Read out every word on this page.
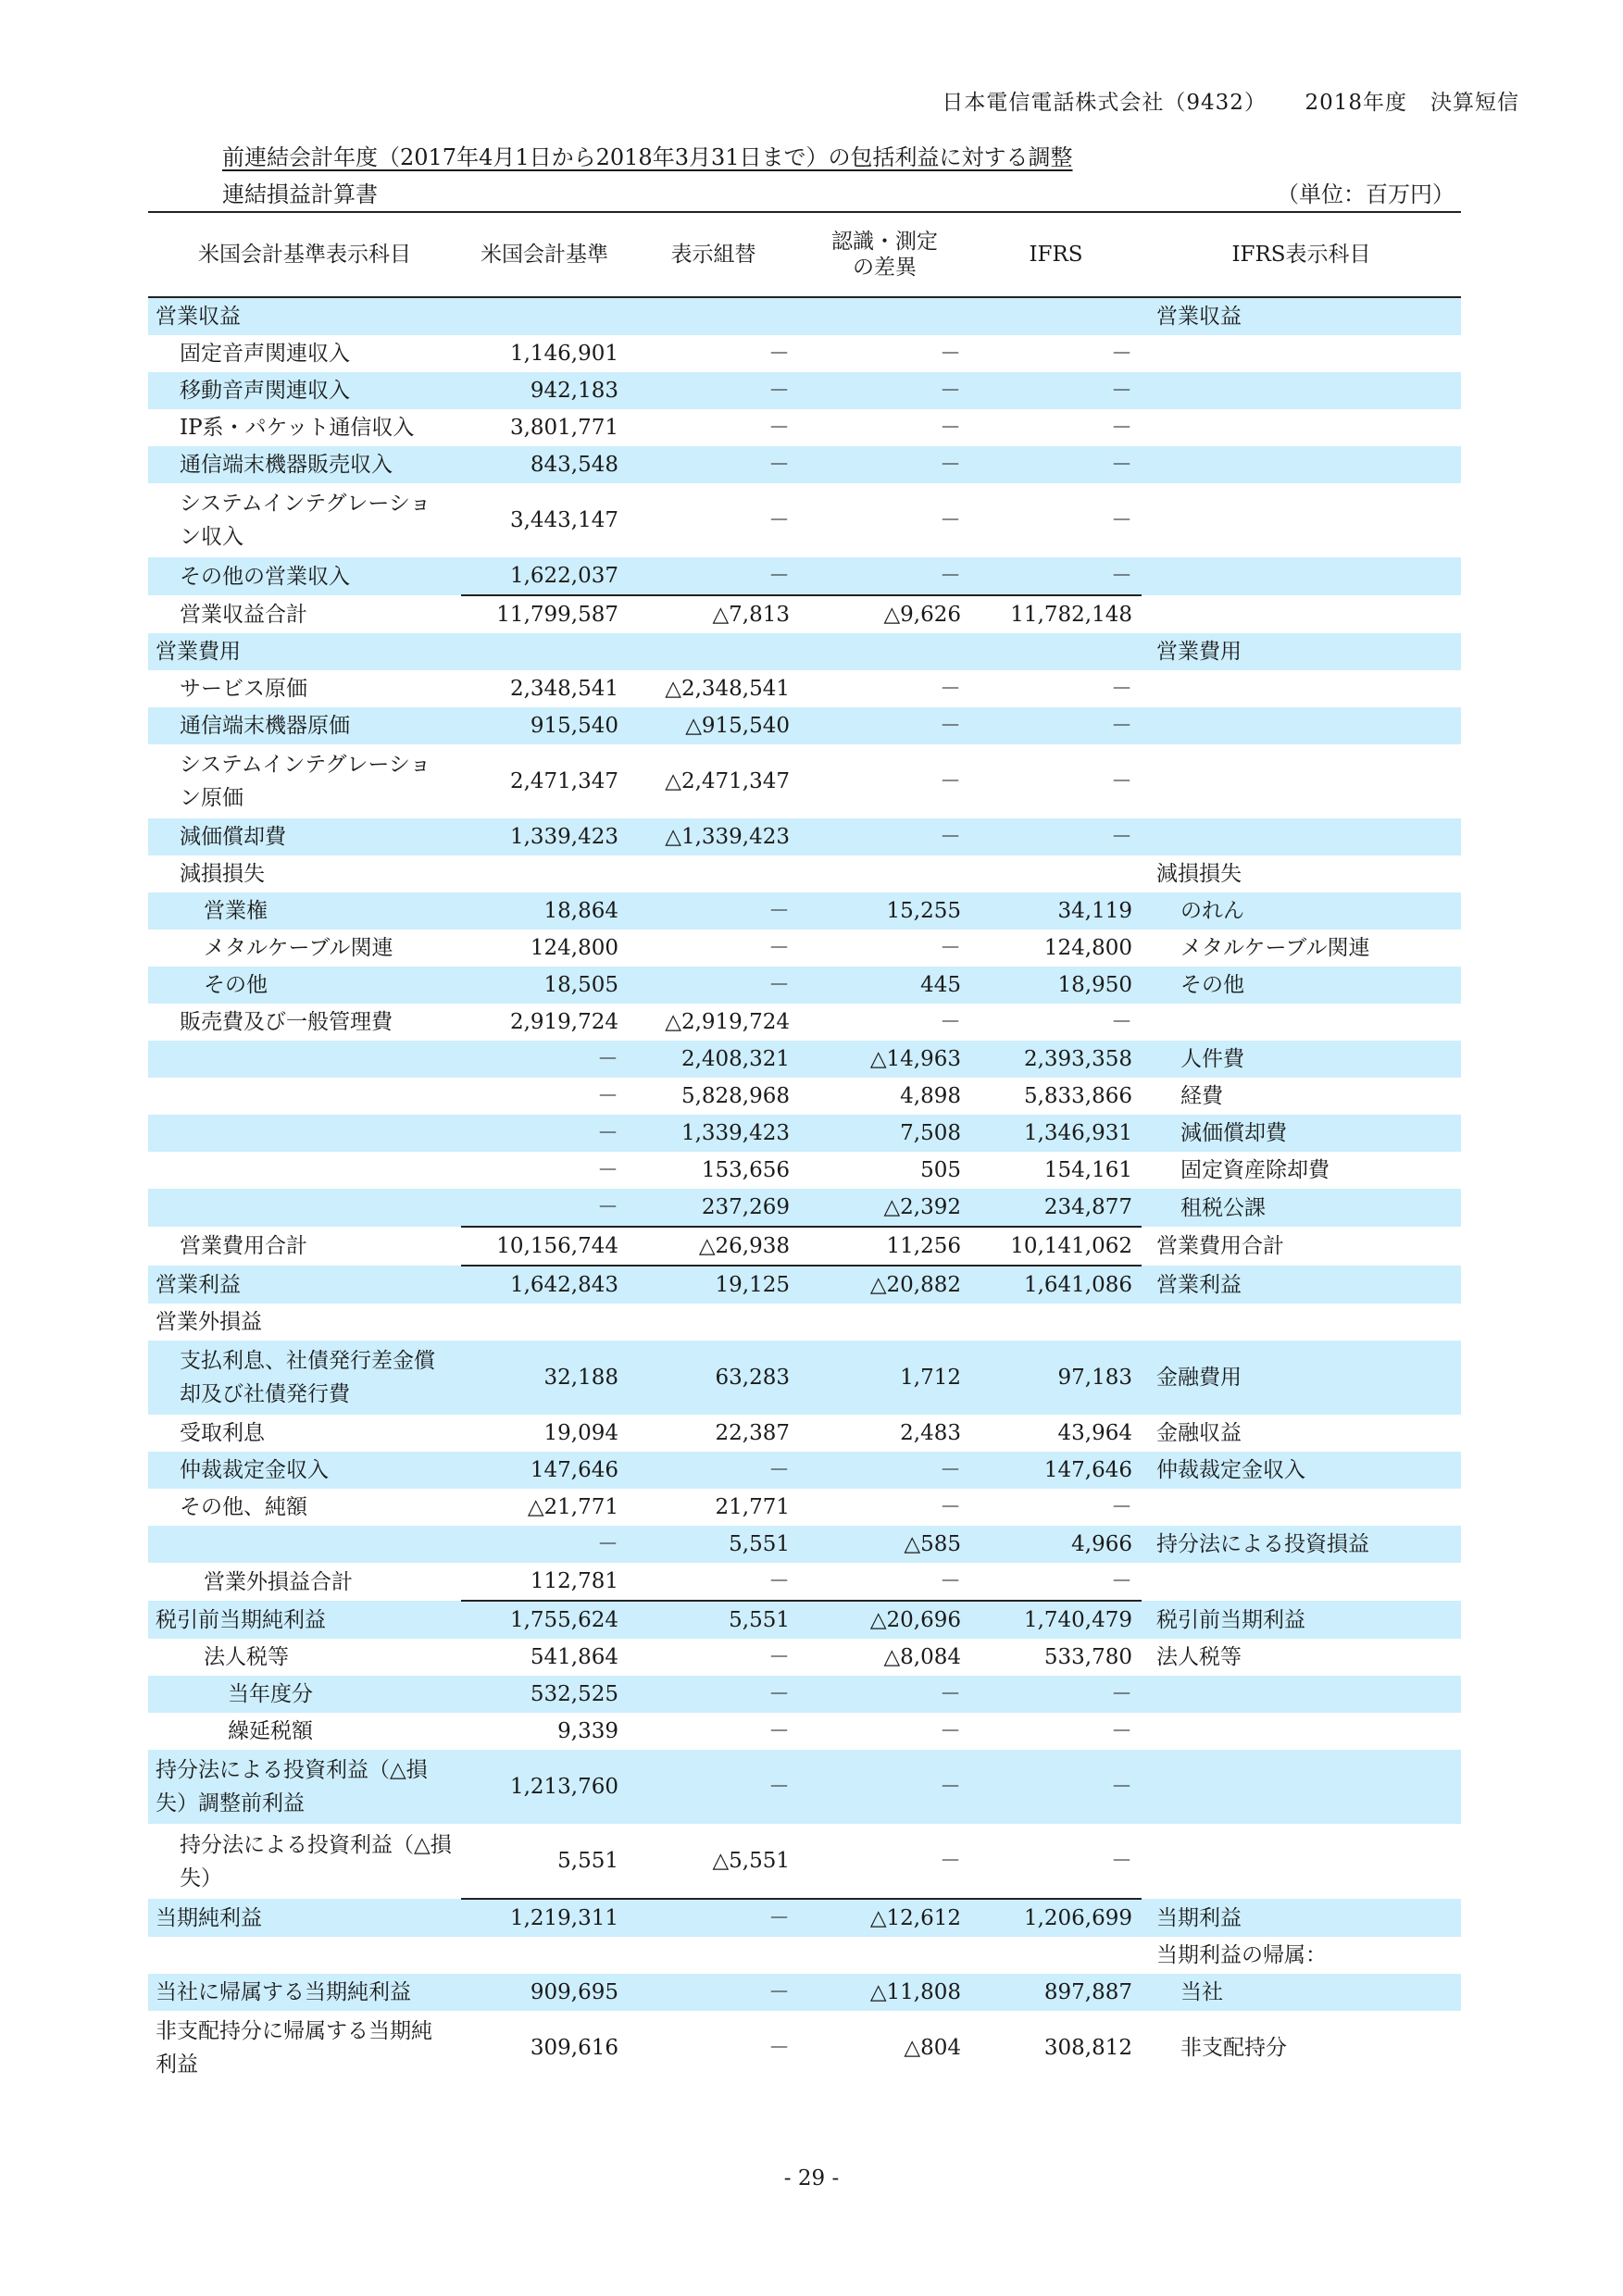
日本電信電話株式会社（9432） 2018年度 決算短信
前連結会計年度（2017年4月1日から2018年3月31日まで）の包括利益に対する調整
連結損益計算書	（単位：百万円）
米国会計基準表示科目	米国会計基準	表示組替	認識・測定の差異	IFRS	IFRS表示科目
営業収益					営業収益
固定音声関連収入	1,146,901	－	－	－	
移動音声関連収入	942,183	－	－	－	
IP系・パケット通信収入	3,801,771	－	－	－	
通信端末機器販売収入	843,548	－	－	－	
システムインテグレーション収入	3,443,147	－	－	－	
その他の営業収入	1,622,037	－	－	－	
営業収益合計	11,799,587	△7,813	△9,626	11,782,148	
営業費用					営業費用
サービス原価	2,348,541	△2,348,541	－	－	
通信端末機器原価	915,540	△915,540	－	－	
システムインテグレーション原価	2,471,347	△2,471,347	－	－	
減価償却費	1,339,423	△1,339,423	－	－	
減損損失					減損損失
営業権	18,864	－	15,255	34,119	のれん
メタルケーブル関連	124,800	－	－	124,800	メタルケーブル関連
その他	18,505	－	445	18,950	その他
販売費及び一般管理費	2,919,724	△2,919,724	－	－	
	－	2,408,321	△14,963	2,393,358	人件費
	－	5,828,968	4,898	5,833,866	経費
	－	1,339,423	7,508	1,346,931	減価償却費
	－	153,656	505	154,161	固定資産除却費
	－	237,269	△2,392	234,877	租税公課
営業費用合計	10,156,744	△26,938	11,256	10,141,062	営業費用合計
営業利益	1,642,843	19,125	△20,882	1,641,086	営業利益
営業外損益					
支払利息、社債発行差金償却及び社債発行費	32,188	63,283	1,712	97,183	金融費用
受取利息	19,094	22,387	2,483	43,964	金融収益
仲裁裁定金収入	147,646	－	－	147,646	仲裁裁定金収入
その他、純額	△21,771	21,771	－	－	
	－	5,551	△585	4,966	持分法による投資損益
営業外損益合計	112,781	－	－	－	
税引前当期純利益	1,755,624	5,551	△20,696	1,740,479	税引前当期利益
法人税等	541,864	－	△8,084	533,780	法人税等
当年度分	532,525	－	－	－	
繰延税額	9,339	－	－	－	
持分法による投資利益（△損失）調整前利益	1,213,760	－	－	－	
持分法による投資利益（△損失）	5,551	△5,551	－	－	
当期純利益	1,219,311	－	△12,612	1,206,699	当期利益
					当期利益の帰属：
当社に帰属する当期純利益	909,695	－	△11,808	897,887	当社
非支配持分に帰属する当期純利益	309,616	－	△804	308,812	非支配持分
- 29 -
